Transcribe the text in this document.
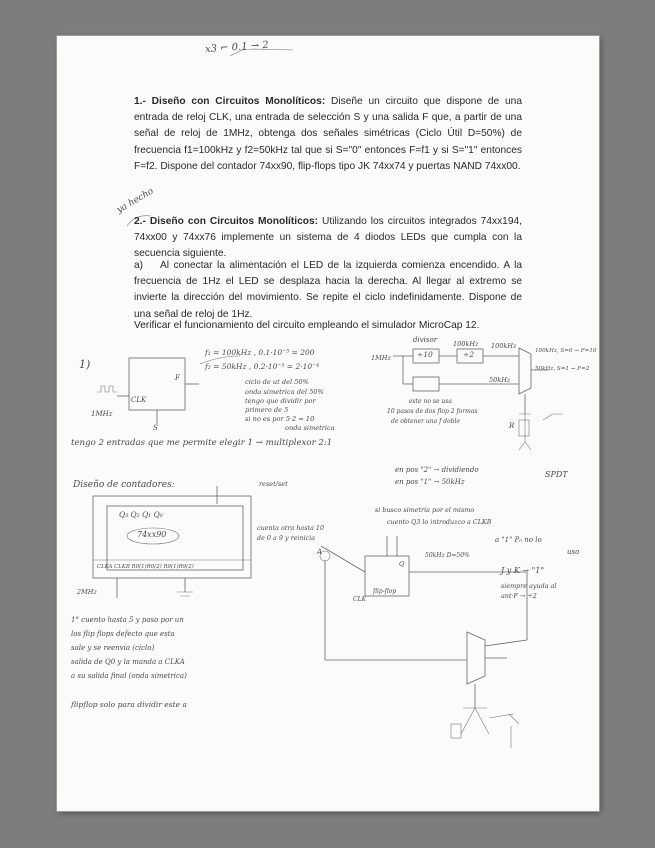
x3 ⌐ 0.1 → 2

1.- Diseño con Circuitos Monolíticos: Diseñe un circuito que dispone de una entrada de reloj CLK, una entrada de selección S y una salida F que, a partir de una señal de reloj de 1MHz, obtenga dos señales simétricas (Ciclo Útil D=50%) de frecuencia f1=100kHz y f2=50kHz tal que si S="0" entonces F=f1 y si S="1" entonces F=f2. Dispone del contador 74xx90, flip-flops tipo JK 74xx74 y puertas NAND 74xx00.

ya hecho

2.- Diseño con Circuitos Monolíticos: Utilizando los circuitos integrados 74xx194, 74xx00 y 74xx76 implemente un sistema de 4 diodos LEDs que cumpla con la secuencia siguiente.

a) Al conectar la alimentación el LED de la izquierda comienza encendido. A la frecuencia de 1Hz el LED se desplaza hacia la derecha. Al llegar al extremo se invierte la dirección del movimiento. Se repite el ciclo indefinidamente. Dispone de una señal de reloj de 1Hz.

Verificar el funcionamiento del circuito empleando el simulador MicroCap 12.

1)
f₁ = 100kHz , 0.1·10⁻⁵ = 200
f₂ = 50kHz , 0.2·10⁻⁵ = 2·10⁻⁴
ciclo de ut del 50%
onda simetrica del 50%
tengo que dividir por
primero de 5
si no es por 5·2 = 10
onda simetrica
CLK
F
S
1MHz
tengo 2 entradas que me permite elegir 1 → multiplexor 2:1
divisor
÷10	÷2
1MHz
100kHz
50kHz
100kHz
100kHz, S=0 → F=10
50kHz, S=1 → F=2
este no se usa
10 pasos de dos flop 2 formas
de obtener una f doble
R
en pos "2" → dividiendo
en pos "1" → 50kHz
SPDT
Diseño de contadores:	reset/set
Q₃ Q₂ Q₁ Q₀
74xx90
CLKA CLKB R0(1)R0(2) R9(1)R9(2)
cuenta otra hasta 10
de 0 a 9 y reinicia
si busco simetria por el mismo
cuento Q3 lo introduzco a CLKB
A
flip-flop
Q
CLK
50kHz D=50%
a "1" P₀ no lo
uso
J y K → "1"
siempre ayuda al
ant·F → ÷2
2MHz
1° cuento hasta 5 y paso por un
los flip flops defecto que esta
sale y se reenvia (ciclo)
salida de Q0 y la manda a CLKA
a su salida final (onda simetrica)
flipflop solo para dividir este a
